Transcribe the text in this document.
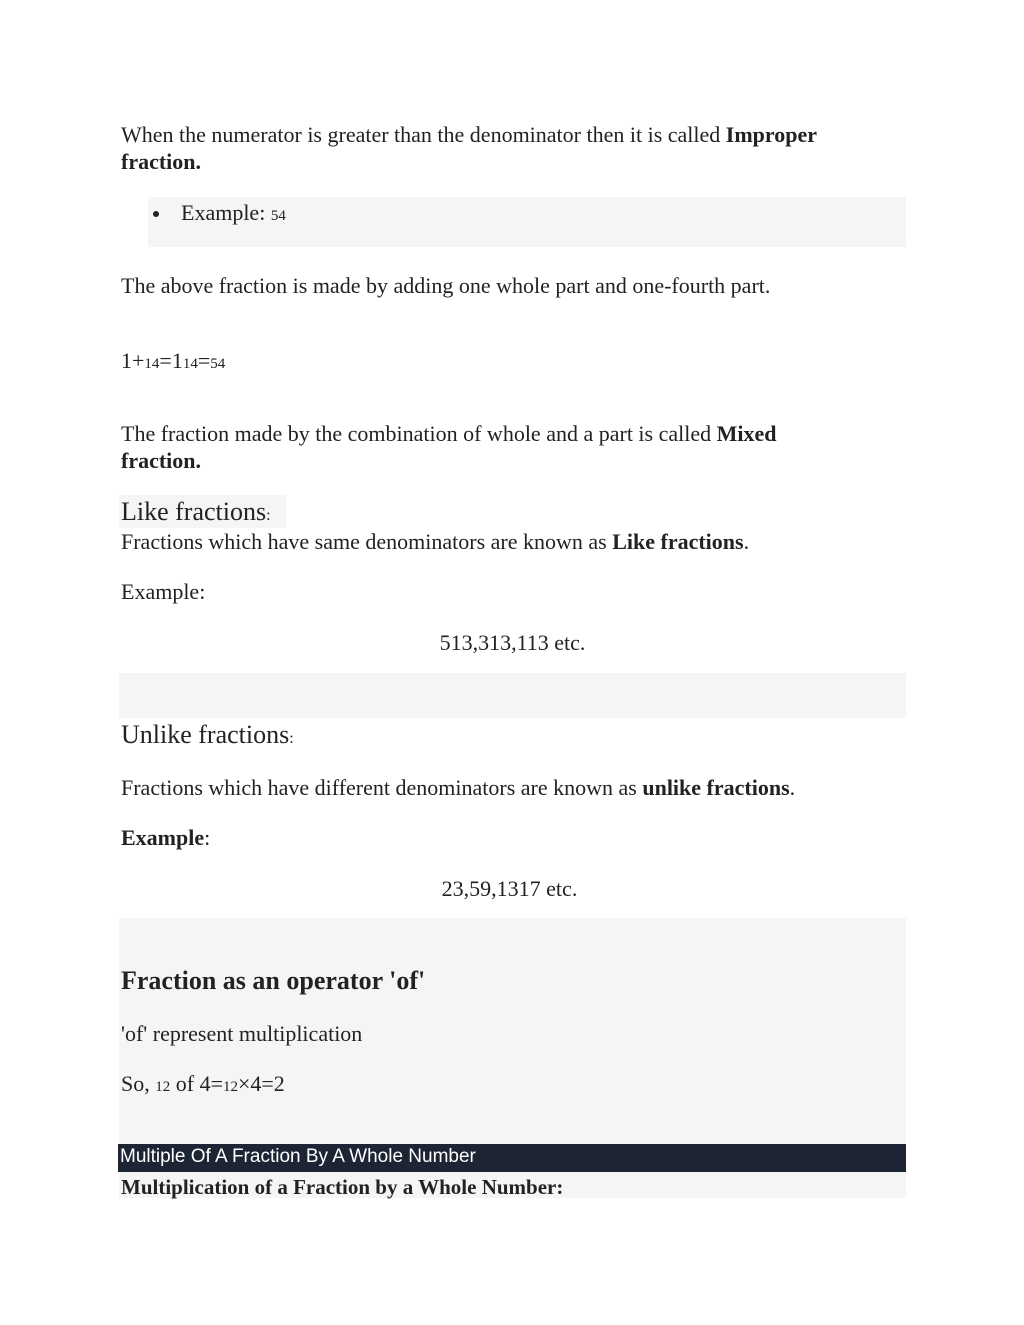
When the numerator is greater than the denominator then it is called Improper
fraction.
Example: 54
The above fraction is made by adding one whole part and one-fourth part.
1+14=114=54
The fraction made by the combination of whole and a part is called Mixed
fraction.
Like fractions:
Fractions which have same denominators are known as Like fractions.
Example:
513,313,113 etc.
Unlike fractions:
Fractions which have different denominators are known as unlike fractions.
Example:
23,59,1317 etc.
Fraction as an operator 'of'
'of' represent multiplication
So, 12 of 4=12×4=2
Multiple Of A Fraction By A Whole Number
Multiplication of a Fraction by a Whole Number:
